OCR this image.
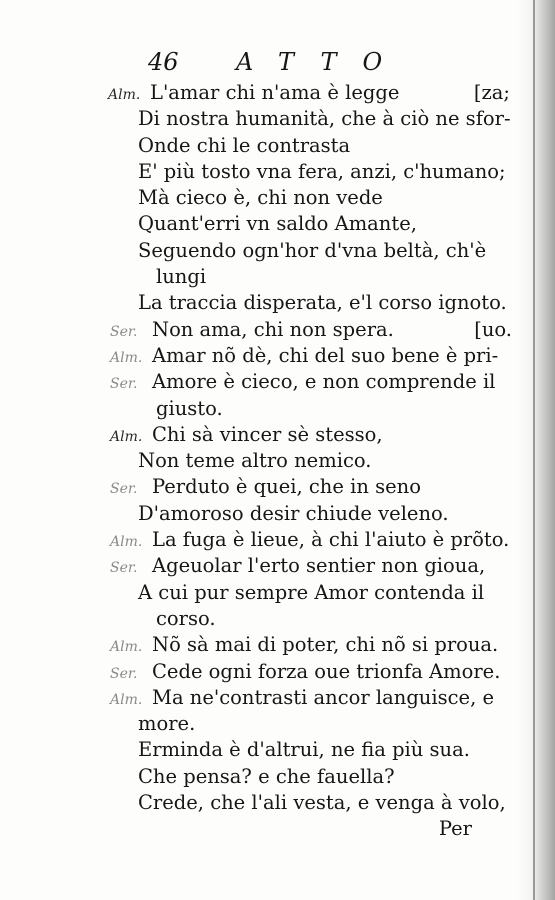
46 ATTO
Alm. L'amar chi n'ama è legge	[za;
Di nostra humanità, che à ciò ne sfor-
Onde chi le contrasta
E' più tosto vna fera, anzi, c'humano;
Mà cieco è, chi non vede
Quant'erri vn saldo Amante,
Seguendo ogn'hor d'vna beltà, ch'è
lungi
La traccia disperata, e'l corso ignoto.
Ser. Non ama, chi non spera.	[uo.
Alm. Amar nõ dè, chi del suo bene è pri-
Ser. Amore è cieco, e non comprende il
giusto.
Alm. Chi sà vincer sè stesso,
Non teme altro nemico.
Ser. Perduto è quei, che in seno
D'amoroso desir chiude veleno.
Alm. La fuga è lieue, à chi l'aiuto è prõto.
Ser. Ageuolar l'erto sentier non gioua,
A cui pur sempre Amor contenda il
corso.
Alm. Nõ sà mai di poter, chi nõ si proua.
Ser. Cede ogni forza oue trionfa Amore.
Alm. Ma ne'contrasti ancor languisce, e
more.
Erminda è d'altrui, ne fia più sua.
Che pensa? e che fauella?
Crede, che l'ali vesta, e venga à volo,
Per
